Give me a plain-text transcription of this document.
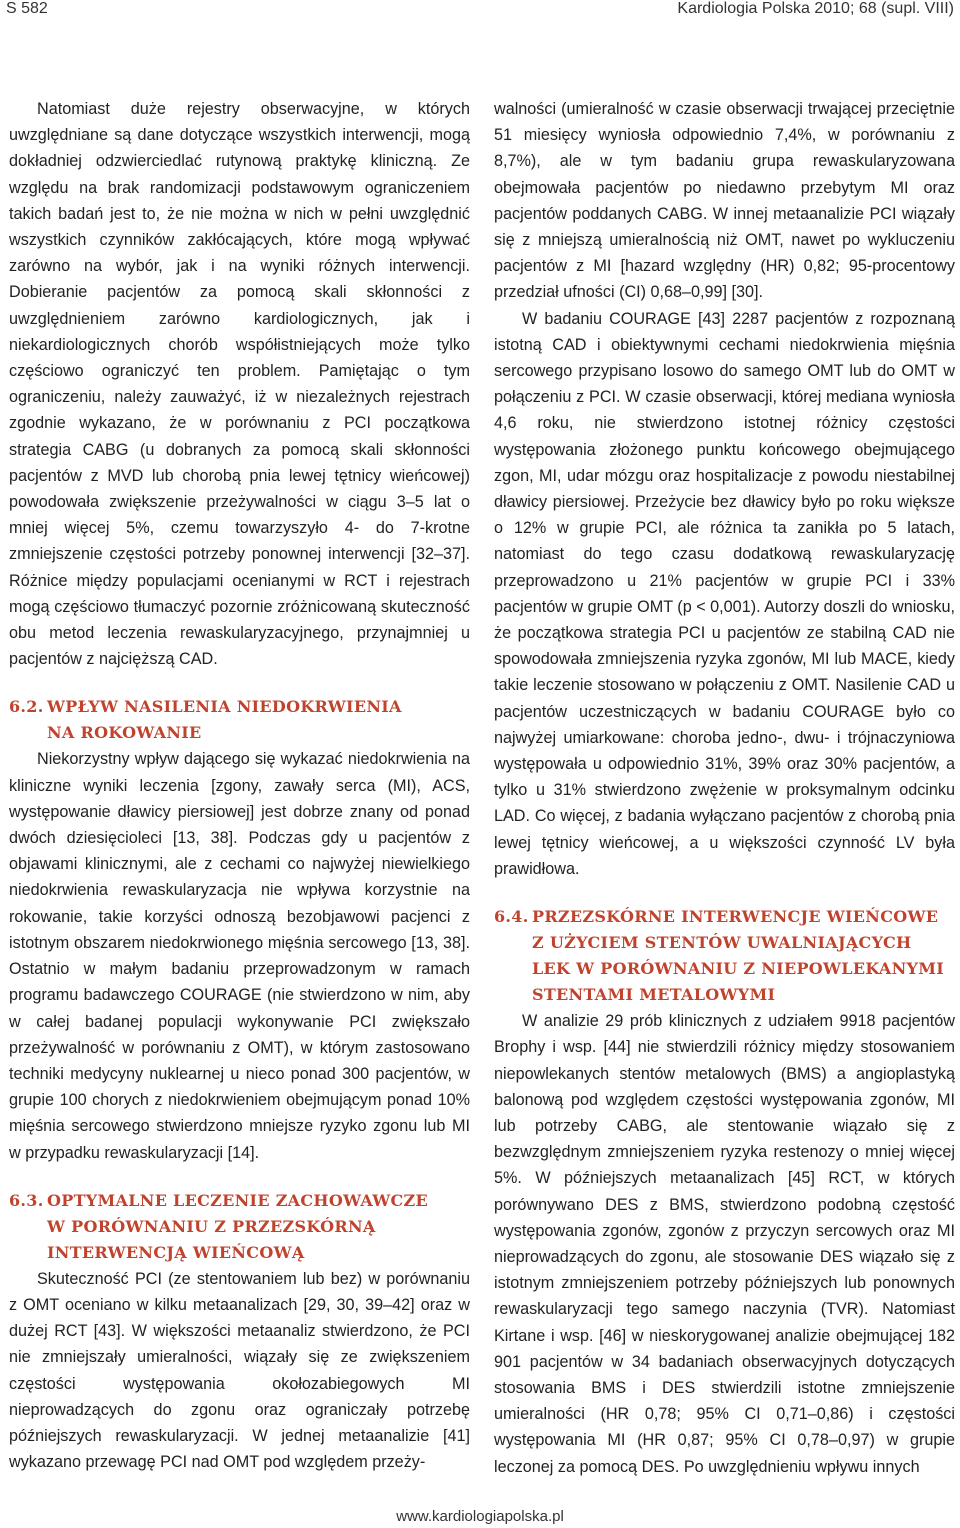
S 582	Kardiologia Polska 2010; 68 (supl. VIII)

Natomiast duże rejestry obserwacyjne, w których uwzględniane są dane dotyczące wszystkich interwencji, mogą dokładniej odzwierciedlać rutynową praktykę kliniczną. Ze względu na brak randomizacji podstawowym ograniczeniem takich badań jest to, że nie można w nich w pełni uwzględnić wszystkich czynników zakłócających, które mogą wpływać zarówno na wybór, jak i na wyniki różnych interwencji. Dobieranie pacjentów za pomocą skali skłonności z uwzględnieniem zarówno kardiologicznych, jak i niekardiologicznych chorób współistniejących może tylko częściowo ograniczyć ten problem. Pamiętając o tym ograniczeniu, należy zauważyć, iż w niezależnych rejestrach zgodnie wykazano, że w porównaniu z PCI początkowa strategia CABG (u dobranych za pomocą skali skłonności pacjentów z MVD lub chorobą pnia lewej tętnicy wieńcowej) powodowała zwiększenie przeżywalności w ciągu 3–5 lat o mniej więcej 5%, czemu towarzyszyło 4- do 7-krotne zmniejszenie częstości potrzeby ponownej interwencji [32–37]. Różnice między populacjami ocenianymi w RCT i rejestrach mogą częściowo tłumaczyć pozornie zróżnicowaną skuteczność obu metod leczenia rewaskularyzacyjnego, przynajmniej u pacjentów z najcięższą CAD.

6.2. WPŁYW NASILENIA NIEDOKRWIENIA
NA ROKOWANIE

Niekorzystny wpływ dającego się wykazać niedokrwienia na kliniczne wyniki leczenia [zgony, zawały serca (MI), ACS, występowanie dławicy piersiowej] jest dobrze znany od ponad dwóch dziesięcioleci [13, 38]. Podczas gdy u pacjentów z objawami klinicznymi, ale z cechami co najwyżej niewielkiego niedokrwienia rewaskularyzacja nie wpływa korzystnie na rokowanie, takie korzyści odnoszą bezobjawowi pacjenci z istotnym obszarem niedokrwionego mięśnia sercowego [13, 38]. Ostatnio w małym badaniu przeprowadzonym w ramach programu badawczego COURAGE (nie stwierdzono w nim, aby w całej badanej populacji wykonywanie PCI zwiększało przeżywalność w porównaniu z OMT), w którym zastosowano techniki medycyny nuklearnej u nieco ponad 300 pacjentów, w grupie 100 chorych z niedokrwieniem obejmującym ponad 10% mięśnia sercowego stwierdzono mniejsze ryzyko zgonu lub MI w przypadku rewaskularyzacji [14].

6.3. OPTYMALNE LECZENIE ZACHOWAWCZE
W PORÓWNANIU Z PRZEZSKÓRNĄ
INTERWENCJĄ WIEŃCOWĄ

Skuteczność PCI (ze stentowaniem lub bez) w porównaniu z OMT oceniano w kilku metaanalizach [29, 30, 39–42] oraz w dużej RCT [43]. W większości metaanaliz stwierdzono, że PCI nie zmniejszały umieralności, wiązały się ze zwiększeniem częstości występowania okołozabiegowych MI nieprowadzących do zgonu oraz ograniczały potrzebę późniejszych rewaskularyzacji. W jednej metaanalizie [41] wykazano przewagę PCI nad OMT pod względem przeży-

walności (umieralność w czasie obserwacji trwającej przeciętnie 51 miesięcy wyniosła odpowiednio 7,4%, w porównaniu z 8,7%), ale w tym badaniu grupa rewaskularyzowana obejmowała pacjentów po niedawno przebytym MI oraz pacjentów poddanych CABG. W innej metaanalizie PCI wiązały się z mniejszą umieralnością niż OMT, nawet po wykluczeniu pacjentów z MI [hazard względny (HR) 0,82; 95-procentowy przedział ufności (CI) 0,68–0,99] [30].

W badaniu COURAGE [43] 2287 pacjentów z rozpoznaną istotną CAD i obiektywnymi cechami niedokrwienia mięśnia sercowego przypisano losowo do samego OMT lub do OMT w połączeniu z PCI. W czasie obserwacji, której mediana wyniosła 4,6 roku, nie stwierdzono istotnej różnicy częstości występowania złożonego punktu końcowego obejmującego zgon, MI, udar mózgu oraz hospitalizacje z powodu niestabilnej dławicy piersiowej. Przeżycie bez dławicy było po roku większe o 12% w grupie PCI, ale różnica ta zanikła po 5 latach, natomiast do tego czasu dodatkową rewaskularyzację przeprowadzono u 21% pacjentów w grupie PCI i 33% pacjentów w grupie OMT (p < 0,001). Autorzy doszli do wniosku, że początkowa strategia PCI u pacjentów ze stabilną CAD nie spowodowała zmniejszenia ryzyka zgonów, MI lub MACE, kiedy takie leczenie stosowano w połączeniu z OMT. Nasilenie CAD u pacjentów uczestniczących w badaniu COURAGE było co najwyżej umiarkowane: choroba jedno-, dwu- i trójnaczyniowa występowała u odpowiednio 31%, 39% oraz 30% pacjentów, a tylko u 31% stwierdzono zwężenie w proksymalnym odcinku LAD. Co więcej, z badania wyłączano pacjentów z chorobą pnia lewej tętnicy wieńcowej, a u większości czynność LV była prawidłowa.

6.4. PRZEZSKÓRNE INTERWENCJE WIEŃCOWE
Z UŻYCIEM STENTÓW UWALNIAJĄCYCH
LEK W PORÓWNANIU Z NIEPOWLEKANYMI
STENTAMI METALOWYMI

W analizie 29 prób klinicznych z udziałem 9918 pacjentów Brophy i wsp. [44] nie stwierdzili różnicy między stosowaniem niepowlekanych stentów metalowych (BMS) a angioplastyką balonową pod względem częstości występowania zgonów, MI lub potrzeby CABG, ale stentowanie wiązało się z bezwzględnym zmniejszeniem ryzyka restenozy o mniej więcej 5%. W późniejszych metaanalizach [45] RCT, w których porównywano DES z BMS, stwierdzono podobną częstość występowania zgonów, zgonów z przyczyn sercowych oraz MI nieprowadzących do zgonu, ale stosowanie DES wiązało się z istotnym zmniejszeniem potrzeby późniejszych lub ponownych rewaskularyzacji tego samego naczynia (TVR). Natomiast Kirtane i wsp. [46] w nieskorygowanej analizie obejmującej 182 901 pacjentów w 34 badaniach obserwacyjnych dotyczących stosowania BMS i DES stwierdzili istotne zmniejszenie umieralności (HR 0,78; 95% CI 0,71–0,86) i częstości występowania MI (HR 0,87; 95% CI 0,78–0,97) w grupie leczonej za pomocą DES. Po uwzględnieniu wpływu innych

www.kardiologiapolska.pl
